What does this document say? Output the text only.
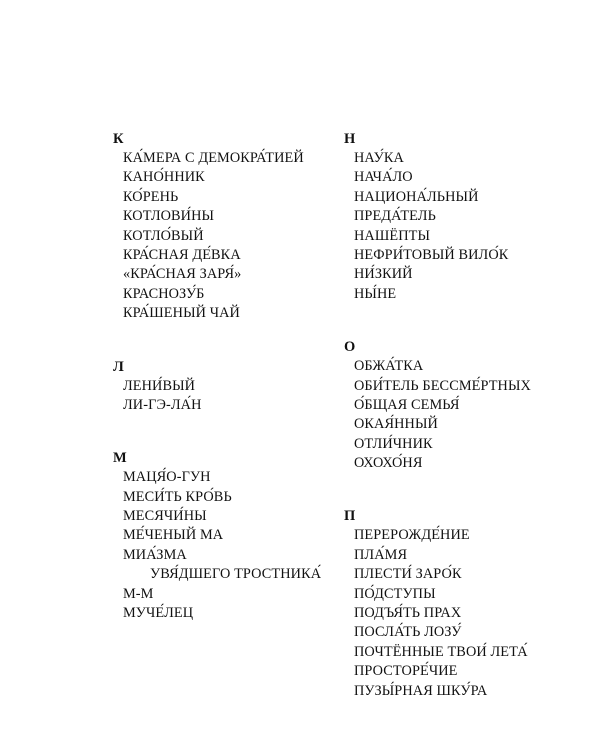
К
КА́МЕРА С ДЕМОКРА́ТИЕЙ
КАНО́ННИК
КО́РЕНЬ
КОТЛОВИ́НЫ
КОТЛО́ВЫЙ
КРА́СНАЯ ДЕ́ВКА
«КРА́СНАЯ ЗАРЯ́»
КРАСНОЗУ́Б
КРА́ШЕНЫЙ ЧАЙ
Л
ЛЕНИ́ВЫЙ
ЛИ-ГЭ-ЛА́Н
М
МАЦЯ́О-ГУН
МЕСИ́ТЬ КРО́ВЬ
МЕСЯЧИ́НЫ
МЕ́ЧЕНЫЙ МА
МИА́ЗМА
УВЯ́ДШЕГО ТРОСТНИКА́
М-М
МУЧЕ́ЛЕЦ
Н
НАУ́КА
НАЧА́ЛО
НАЦИОНА́ЛЬНЫЙ
ПРЕДА́ТЕЛЬ
НАШЁПТЫ
НЕФРИ́ТОВЫЙ ВИЛО́К
НИ́ЗКИЙ
НЫ́НЕ
О
ОБЖА́ТКА
ОБИ́ТЕЛЬ БЕССМЕ́РТНЫХ
О́БЩАЯ СЕМЬЯ́
ОКАЯ́ННЫЙ
ОТЛИ́ЧНИК
ОХОХО́НЯ
П
ПЕРЕРОЖДЕ́НИЕ
ПЛА́МЯ
ПЛЕСТИ́ ЗАРО́К
ПО́ДСТУПЫ
ПОДЪЯ́ТЬ ПРАХ
ПОСЛА́ТЬ ЛОЗУ́
ПОЧТЁННЫЕ ТВОИ́ ЛЕТА́
ПРОСТОРЕ́ЧИЕ
ПУЗЫ́РНАЯ ШКУ́РА
